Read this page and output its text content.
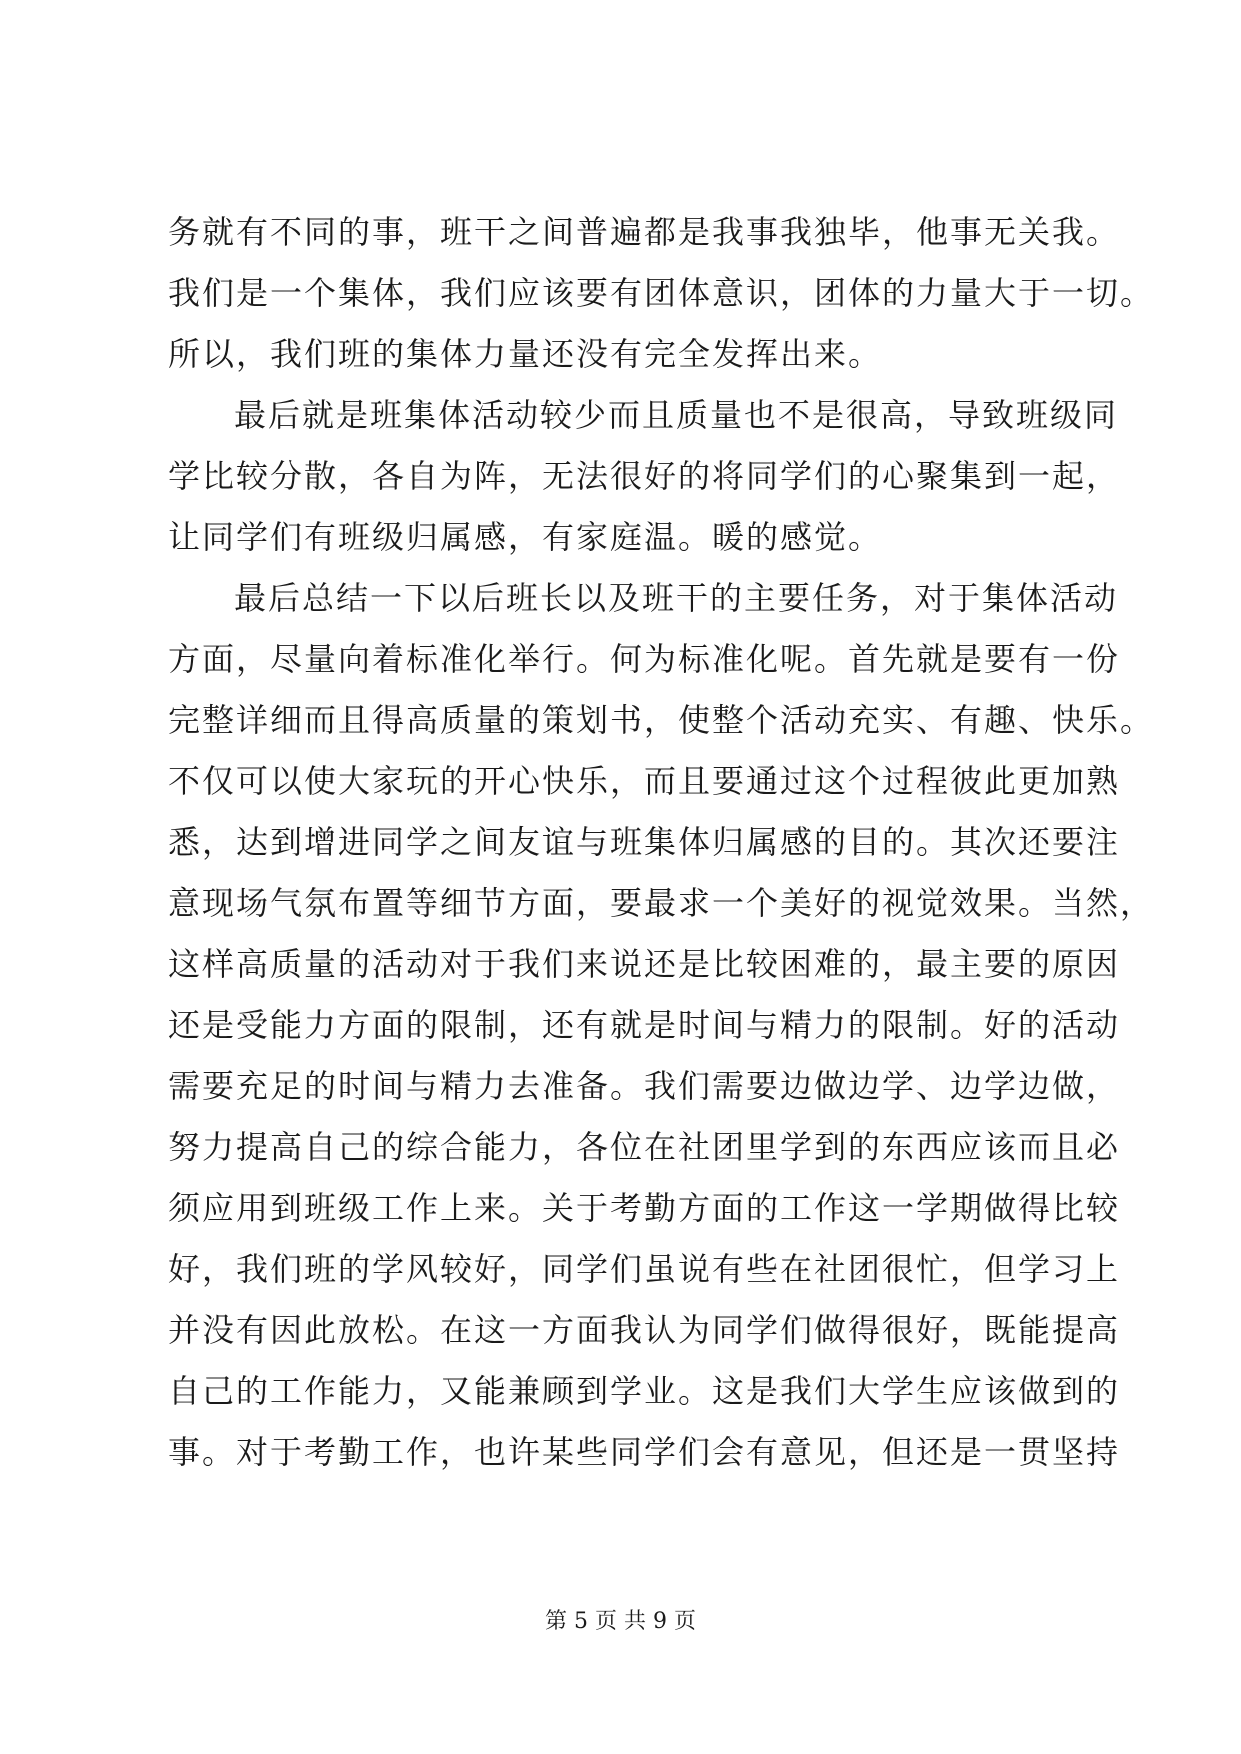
务就有不同的事，班干之间普遍都是我事我独毕，他事无关我。
我们是一个集体，我们应该要有团体意识，团体的力量大于一切。
所以，我们班的集体力量还没有完全发挥出来。
最后就是班集体活动较少而且质量也不是很高，导致班级同
学比较分散，各自为阵，无法很好的将同学们的心聚集到一起，
让同学们有班级归属感，有家庭温。暖的感觉。
最后总结一下以后班长以及班干的主要任务，对于集体活动
方面，尽量向着标准化举行。何为标准化呢。首先就是要有一份
完整详细而且得高质量的策划书，使整个活动充实、有趣、快乐。
不仅可以使大家玩的开心快乐，而且要通过这个过程彼此更加熟
悉，达到增进同学之间友谊与班集体归属感的目的。其次还要注
意现场气氛布置等细节方面，要最求一个美好的视觉效果。当然，
这样高质量的活动对于我们来说还是比较困难的，最主要的原因
还是受能力方面的限制，还有就是时间与精力的限制。好的活动
需要充足的时间与精力去准备。我们需要边做边学、边学边做，
努力提高自己的综合能力，各位在社团里学到的东西应该而且必
须应用到班级工作上来。关于考勤方面的工作这一学期做得比较
好，我们班的学风较好，同学们虽说有些在社团很忙，但学习上
并没有因此放松。在这一方面我认为同学们做得很好，既能提高
自己的工作能力，又能兼顾到学业。这是我们大学生应该做到的
事。对于考勤工作，也许某些同学们会有意见，但还是一贯坚持
第 5 页 共 9 页
